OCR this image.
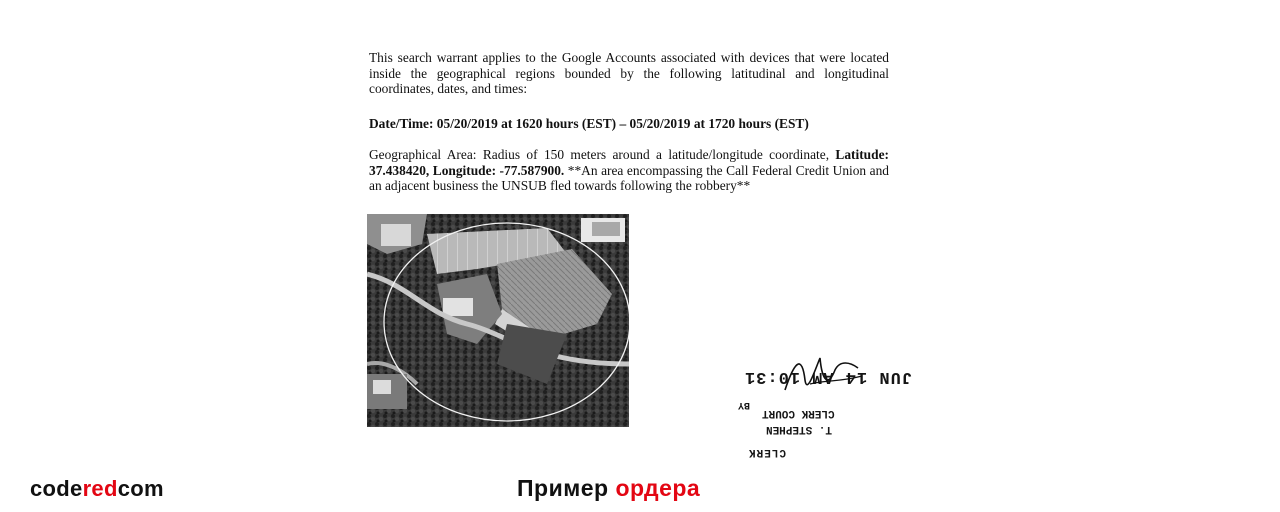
This search warrant applies to the Google Accounts associated with devices that were located inside the geographical regions bounded by the following latitudinal and longitudinal coordinates, dates, and times:

Date/Time: 05/20/2019 at 1620 hours (EST) – 05/20/2019 at 1720 hours (EST)

Geographical Area: Radius of 150 meters around a latitude/longitude coordinate, Latitude: 37.438420, Longitude: -77.587900. **An area encompassing the Call Federal Credit Union and an adjacent business the UNSUB fled towards following the robbery**

CLERK
T. STEPHEN
CLERK COURT
BY
JUN 14 AM 10:31
coderedcom	Пример ордера
